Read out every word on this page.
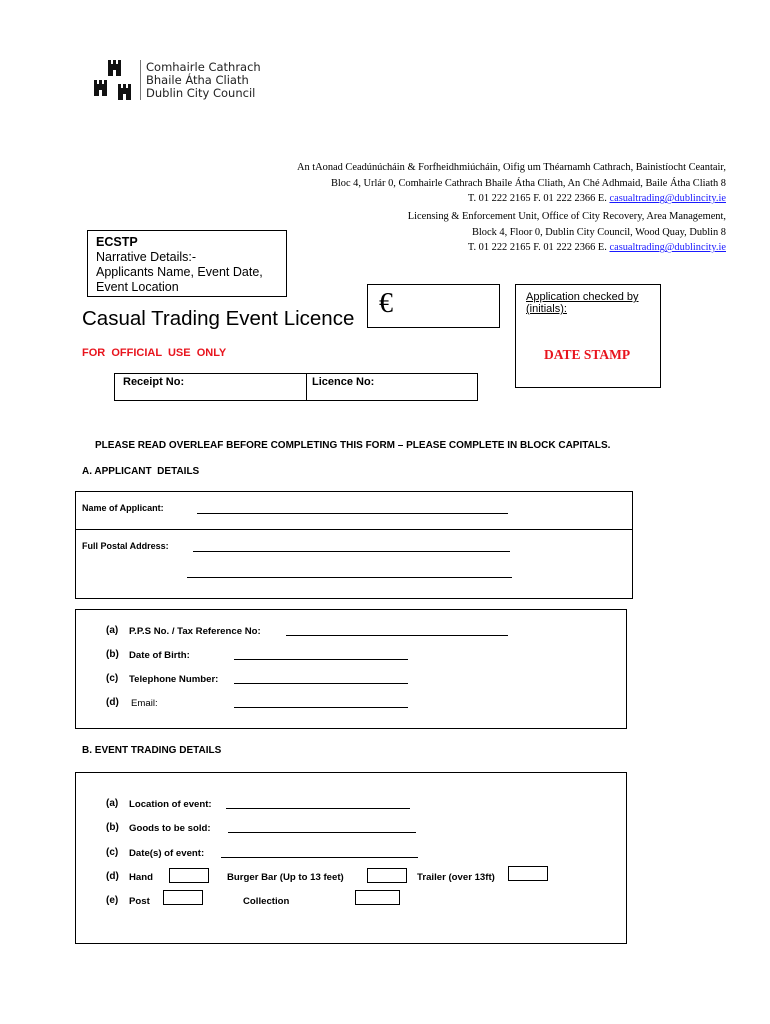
Comhairle Cathrach
Bhaile Átha Cliath
Dublin City Council
An tAonad Ceadúnúcháin & Forfheidhmiúcháin, Oifig um Théarnamh Cathrach, Bainistíocht Ceantair,
Bloc 4, Urlár 0, Comhairle Cathrach Bhaile Átha Cliath, An Ché Adhmaid, Baile Átha Cliath 8
T. 01 222 2165 F. 01 222 2366 E. casualtrading@dublincity.ie
Licensing & Enforcement Unit, Office of City Recovery, Area Management,
Block 4, Floor 0, Dublin City Council, Wood Quay, Dublin 8
T. 01 222 2165 F. 01 222 2366 E. casualtrading@dublincity.ie
ECSTP
Narrative Details:-
Applicants Name, Event Date,
Event Location
Casual Trading Event Licence €	Application checked by
(initials):
DATE STAMP
FOR  OFFICIAL  USE  ONLY
Receipt No:	Licence No:
PLEASE READ OVERLEAF BEFORE COMPLETING THIS FORM – PLEASE COMPLETE IN BLOCK CAPITALS.
A. APPLICANT  DETAILS
Name of Applicant:
Full Postal Address:
(a) P.P.S No. / Tax Reference No:
(b) Date of Birth:
(c) Telephone Number:
(d) Email:
B. EVENT TRADING DETAILS
(a) Location of event:
(b) Goods to be sold:
(c) Date(s) of event:
(d) Hand	Burger Bar (Up to 13 feet)	Trailer (over 13ft)
(e) Post	Collection
